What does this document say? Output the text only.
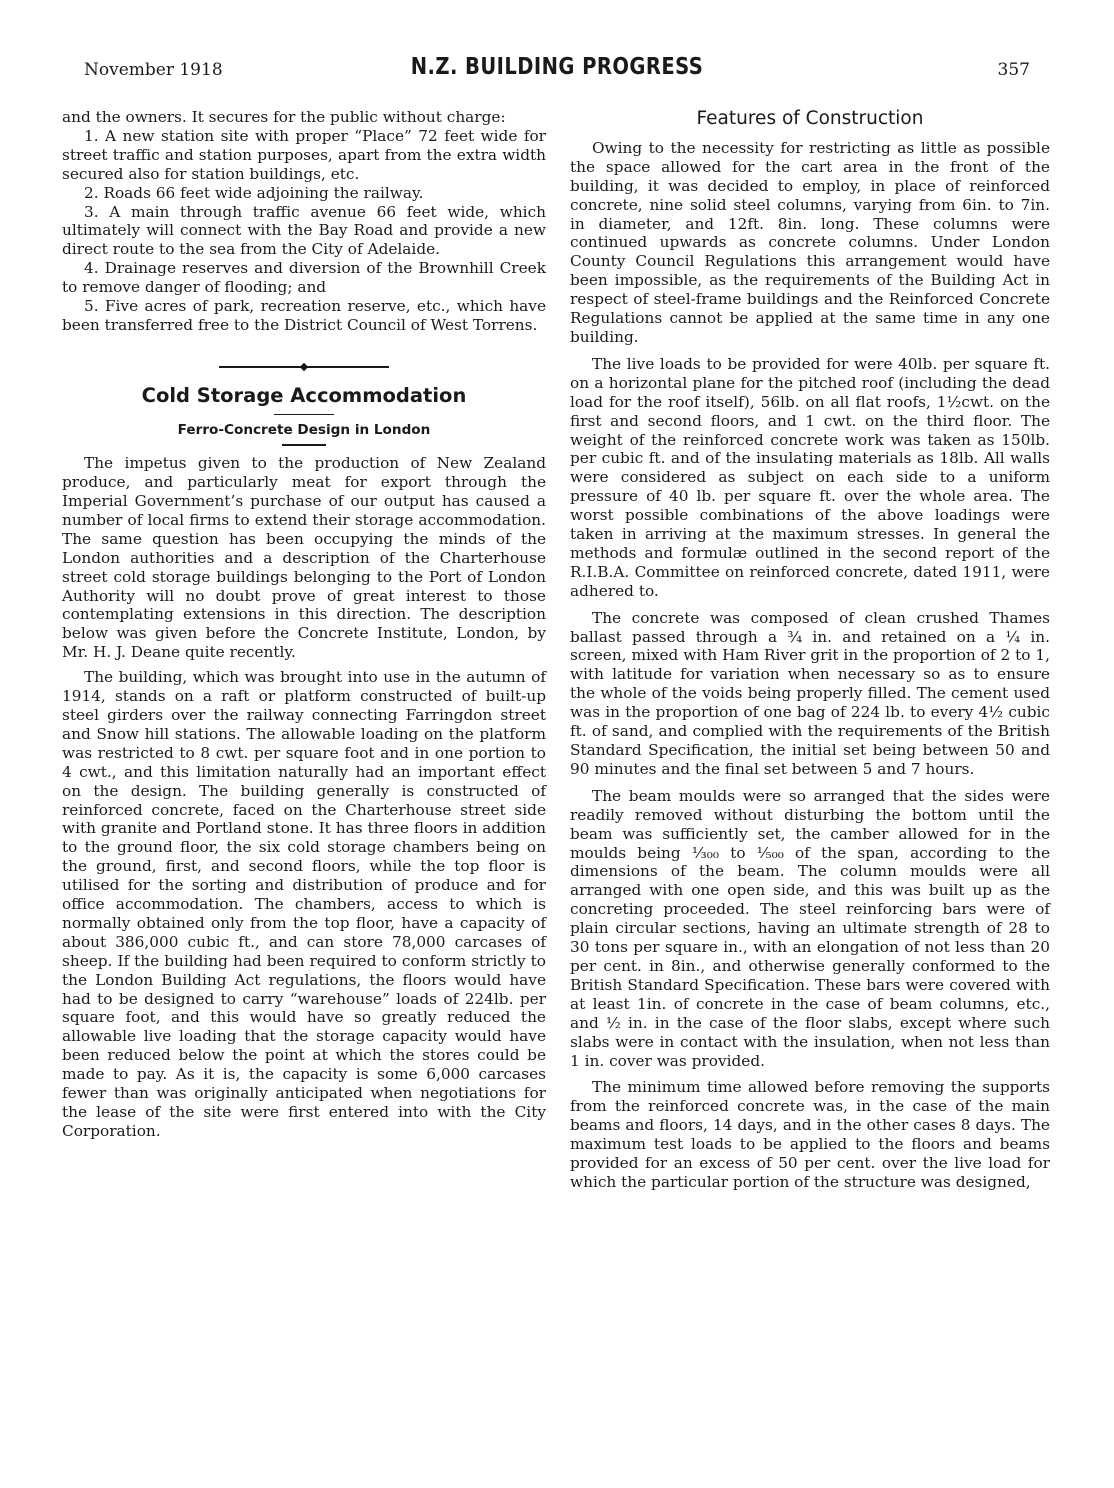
November 1918	N.Z. BUILDING PROGRESS	357

and the owners. It secures for the public without charge:

1. A new station site with proper “Place” 72 feet wide for street traffic and station purposes, apart from the extra width secured also for station buildings, etc.

2. Roads 66 feet wide adjoining the railway.

3. A main through traffic avenue 66 feet wide, which ultimately will connect with the Bay Road and provide a new direct route to the sea from the City of Adelaide.

4. Drainage reserves and diversion of the Brownhill Creek to remove danger of flooding; and

5. Five acres of park, recreation reserve, etc., which have been transferred free to the District Council of West Torrens.

Cold Storage Accommodation
Ferro-Concrete Design in London

The impetus given to the production of New Zealand produce, and particularly meat for export through the Imperial Government’s purchase of our output has caused a number of local firms to extend their storage accommodation. The same question has been occupying the minds of the London authorities and a description of the Charterhouse street cold storage buildings belonging to the Port of London Authority will no doubt prove of great interest to those contemplating extensions in this direction. The description below was given before the Concrete Institute, London, by Mr. H. J. Deane quite recently.

The building, which was brought into use in the autumn of 1914, stands on a raft or platform constructed of built-up steel girders over the railway connecting Farringdon street and Snow hill stations. The allowable loading on the platform was restricted to 8 cwt. per square foot and in one portion to 4 cwt., and this limitation naturally had an important effect on the design. The building generally is constructed of reinforced concrete, faced on the Charterhouse street side with granite and Portland stone. It has three floors in addition to the ground floor, the six cold storage chambers being on the ground, first, and second floors, while the top floor is utilised for the sorting and distribution of produce and for office accommodation. The chambers, access to which is normally obtained only from the top floor, have a capacity of about 386,000 cubic ft., and can store 78,000 carcases of sheep. If the building had been required to conform strictly to the London Building Act regulations, the floors would have had to be designed to carry “warehouse” loads of 224lb. per square foot, and this would have so greatly reduced the allowable live loading that the storage capacity would have been reduced below the point at which the stores could be made to pay. As it is, the capacity is some 6,000 carcases fewer than was originally anticipated when negotiations for the lease of the site were first entered into with the City Corporation.

Features of Construction

Owing to the necessity for restricting as little as possible the space allowed for the cart area in the front of the building, it was decided to employ, in place of reinforced concrete, nine solid steel columns, varying from 6in. to 7in. in diameter, and 12ft. 8in. long. These columns were continued upwards as concrete columns. Under London County Council Regulations this arrangement would have been impossible, as the requirements of the Building Act in respect of steel-frame buildings and the Reinforced Concrete Regulations cannot be applied at the same time in any one building.

The live loads to be provided for were 40lb. per square ft. on a horizontal plane for the pitched roof (including the dead load for the roof itself), 56lb. on all flat roofs, 1½cwt. on the first and second floors, and 1 cwt. on the third floor. The weight of the reinforced concrete work was taken as 150lb. per cubic ft. and of the insulating materials as 18lb. All walls were considered as subject on each side to a uniform pressure of 40 lb. per square ft. over the whole area. The worst possible combinations of the above loadings were taken in arriving at the maximum stresses. In general the methods and formulæ outlined in the second report of the R.I.B.A. Committee on reinforced concrete, dated 1911, were adhered to.

The concrete was composed of clean crushed Thames ballast passed through a ¾ in. and retained on a ¼ in. screen, mixed with Ham River grit in the proportion of 2 to 1, with latitude for variation when necessary so as to ensure the whole of the voids being properly filled. The cement used was in the proportion of one bag of 224 lb. to every 4½ cubic ft. of sand, and complied with the requirements of the British Standard Specification, the initial set being between 50 and 90 minutes and the final set between 5 and 7 hours.

The beam moulds were so arranged that the sides were readily removed without disturbing the bottom until the beam was sufficiently set, the camber allowed for in the moulds being ¹⁄₃₀₀ to ¹⁄₅₀₀ of the span, according to the dimensions of the beam. The column moulds were all arranged with one open side, and this was built up as the concreting proceeded. The steel reinforcing bars were of plain circular sections, having an ultimate strength of 28 to 30 tons per square in., with an elongation of not less than 20 per cent. in 8in., and otherwise generally conformed to the British Standard Specification. These bars were covered with at least 1in. of concrete in the case of beam columns, etc., and ½ in. in the case of the floor slabs, except where such slabs were in contact with the insulation, when not less than 1 in. cover was provided.

The minimum time allowed before removing the supports from the reinforced concrete was, in the case of the main beams and floors, 14 days, and in the other cases 8 days. The maximum test loads to be applied to the floors and beams provided for an excess of 50 per cent. over the live load for which the particular portion of the structure was designed,
